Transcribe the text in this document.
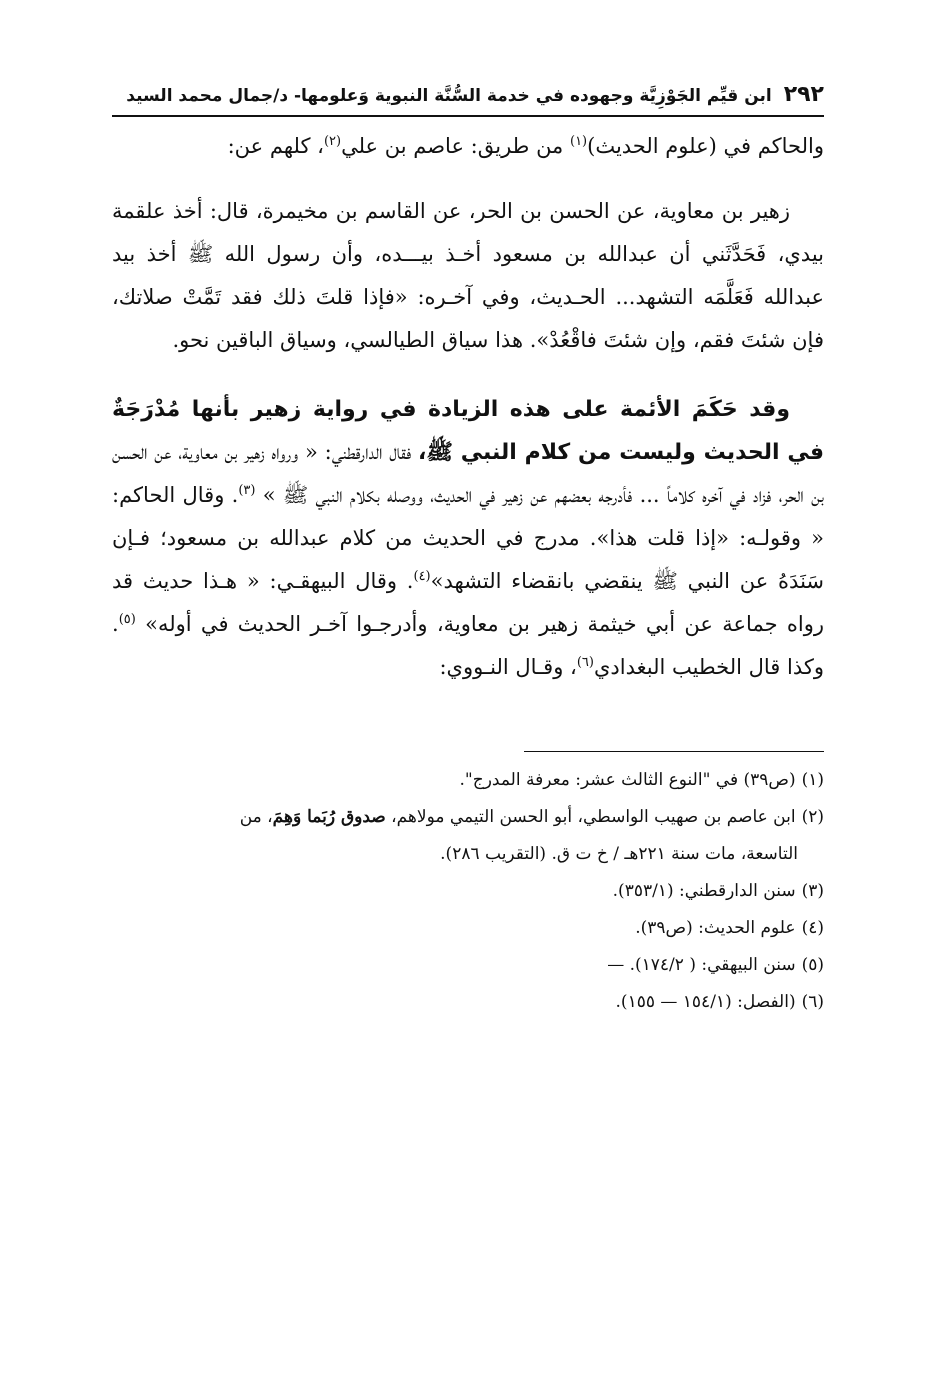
٢٩٢
ابن قيِّم الجَوْزِيَّة وجهوده في خدمة السُّنَّة النبوية وَعلومها- د/جمال محمد السيد

والحاكم في (علوم الحديث)$^{(١)}$ من طريق: عاصم بن علي$^{(٢)}$، كلهم عن:

زهير بن معاوية، عن الحسن بن الحر، عن القاسم بن مخيمرة، قال: أخذ علقمة بيدي، فَحَدَّثَني أن عبدالله بن مسعود أخـذ بيـــده، وأن رسول الله ﷺ أخذ بيد عبدالله فَعَلَّمَه التشهد... الحـديث، وفي آخـره: «فإذا قلتَ ذلك فقد تَمَّتْ صلاتك، فإن شئتَ فقم، وإن شئتَ فاقْعُدْ». هذا سياق الطيالسي، وسياق الباقين نحو.

وقد حَكَمَ الأئمة على هذه الزيادة في رواية زهير بأنها مُدْرَجَةٌ في الحديث وليست من كلام النبي ﷺ، فقال الدارقطني: « ورواه زهير بن معاوية، عن الحسن بن الحر، فزاد في آخره كلاماً ... فأدرجه بعضهم عن زهير في الحديث، ووصله بكلام النبي ﷺ » $^{(٣)}$. وقال الحاكم: « وقولـه: «إذا قلت هذا». مدرج في الحديث من كلام عبدالله بن مسعود؛ فـإن سَنَدَهُ عن النبي ﷺ ينقضي بانقضاء التشهد»$^{(٤)}$. وقال البيهقـي: « هـذا حديث قد رواه جماعة عن أبي خيثمة زهير بن معاوية، وأدرجـوا آخـر الحديث في أوله» $^{(٥)}$. وكذا قال الخطيب البغدادي$^{(٦)}$، وقـال النـووي:

(١)(ص٣٩) في "النوع الثالث عشر: معرفة المدرج".

(٢)ابن عاصم بن صهيب الواسطي، أبو الحسن التيمي مولاهم، صدوق رُبَما وَهِمَ، من

التاسعة، مات سنة ٢٢١هـ / خ ت ق. (التقريب ٢٨٦).

(٣)سنن الدارقطني: (٣٥٣/١).

(٤)علوم الحديث: (ص٣٩).

(٥)سنن البيهقي: ( ١٧٤/٢). —

(٦)(الفصل: (١٥٤/١ — ١٥٥).
